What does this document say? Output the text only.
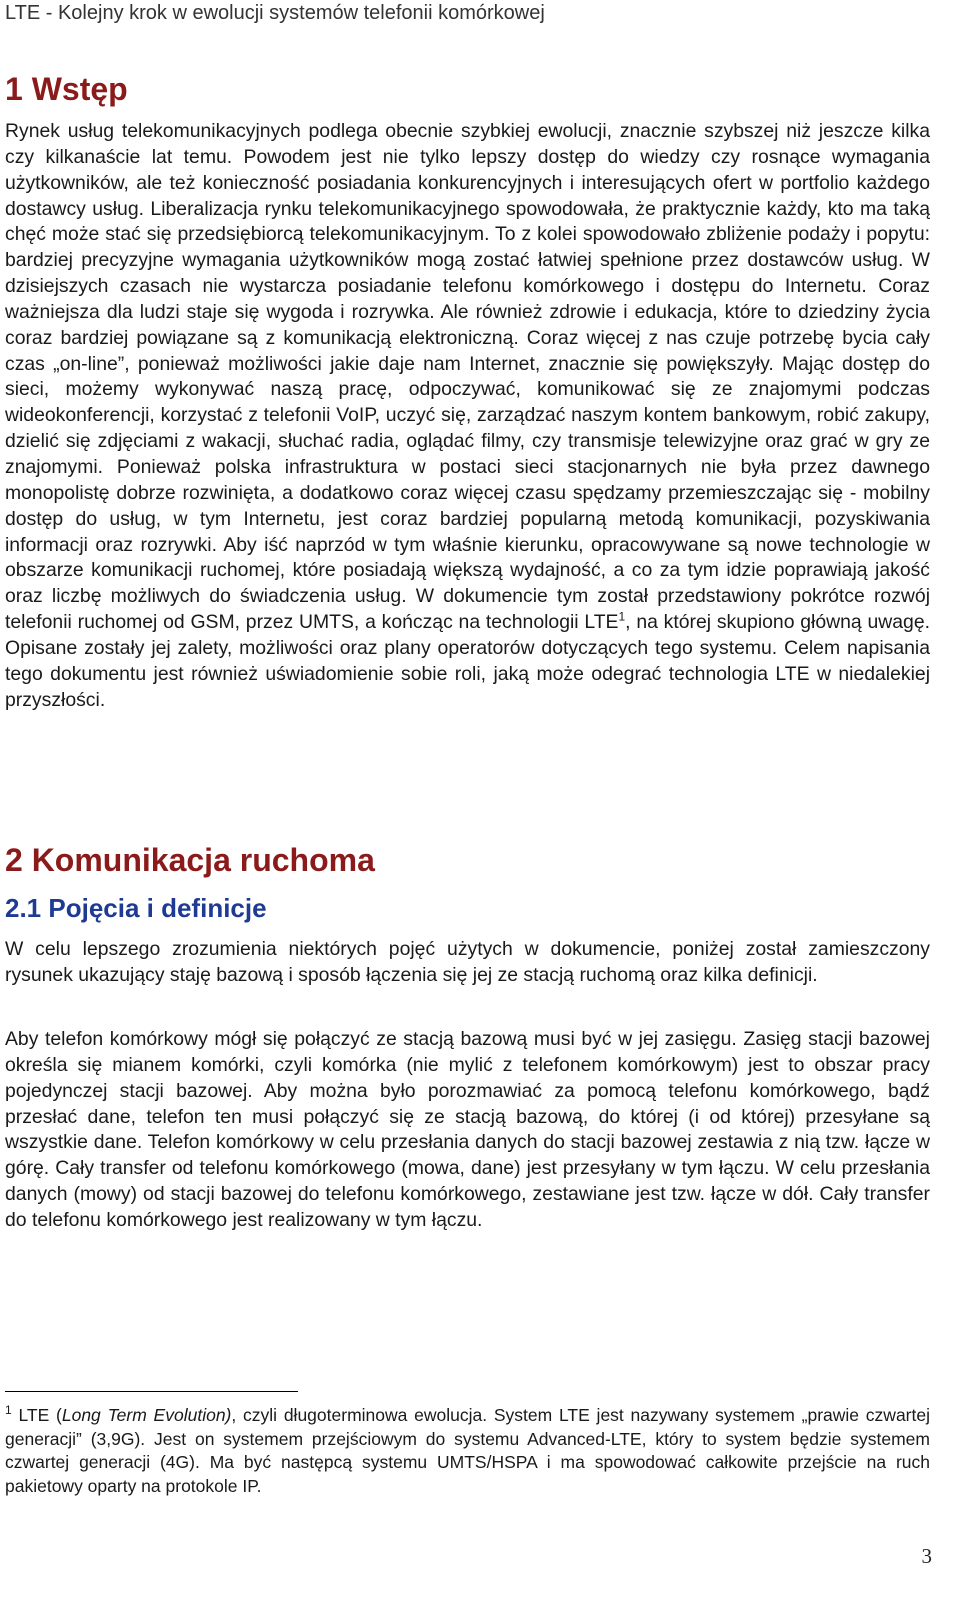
LTE - Kolejny krok w ewolucji systemów telefonii komórkowej
1 Wstęp

Rynek usług telekomunikacyjnych podlega obecnie szybkiej ewolucji, znacznie szybszej niż jeszcze kilka czy kilkanaście lat temu. Powodem jest nie tylko lepszy dostęp do wiedzy czy rosnące wymagania użytkowników, ale też konieczność posiadania konkurencyjnych i interesujących ofert w portfolio każdego dostawcy usług. Liberalizacja rynku telekomunikacyjnego spowodowała, że praktycznie każdy, kto ma taką chęć może stać się przedsiębiorcą telekomunikacyjnym. To z kolei spowodowało zbliżenie podaży i popytu: bardziej precyzyjne wymagania użytkowników mogą zostać łatwiej spełnione przez dostawców usług. W dzisiejszych czasach nie wystarcza posiadanie telefonu komórkowego i dostępu do Internetu. Coraz ważniejsza dla ludzi staje się wygoda i rozrywka. Ale również zdrowie i edukacja, które to dziedziny życia coraz bardziej powiązane są z komunikacją elektroniczną. Coraz więcej z nas czuje potrzebę bycia cały czas „on-line”, ponieważ możliwości jakie daje nam Internet, znacznie się powiększyły. Mając dostęp do sieci, możemy wykonywać naszą pracę, odpoczywać, komunikować się ze znajomymi podczas wideokonferencji, korzystać z telefonii VoIP, uczyć się, zarządzać naszym kontem bankowym, robić zakupy, dzielić się zdjęciami z wakacji, słuchać radia, oglądać filmy, czy transmisje telewizyjne oraz grać w gry ze znajomymi. Ponieważ polska infrastruktura w postaci sieci stacjonarnych nie była przez dawnego monopolistę dobrze rozwinięta, a dodatkowo coraz więcej czasu spędzamy przemieszczając się - mobilny dostęp do usług, w tym Internetu, jest coraz bardziej popularną metodą komunikacji, pozyskiwania informacji oraz rozrywki. Aby iść naprzód w tym właśnie kierunku, opracowywane są nowe technologie w obszarze komunikacji ruchomej, które posiadają większą wydajność, a co za tym idzie poprawiają jakość oraz liczbę możliwych do świadczenia usług. W dokumencie tym został przedstawiony pokrótce rozwój telefonii ruchomej od GSM, przez UMTS, a kończąc na technologii LTE$^1$, na której skupiono główną uwagę. Opisane zostały jej zalety, możliwości oraz plany operatorów dotyczących tego systemu. Celem napisania tego dokumentu jest również uświadomienie sobie roli, jaką może odegrać technologia LTE w niedalekiej przyszłości.

2 Komunikacja ruchoma
2.1 Pojęcia i definicje

W celu lepszego zrozumienia niektórych pojęć użytych w dokumencie, poniżej został zamieszczony rysunek ukazujący staję bazową i sposób łączenia się jej ze stacją ruchomą oraz kilka definicji.

Aby telefon komórkowy mógł się połączyć ze stacją bazową musi być w jej zasięgu. Zasięg stacji bazowej określa się mianem komórki, czyli komórka (nie mylić z telefonem komórkowym) jest to obszar pracy pojedynczej stacji bazowej. Aby można było porozmawiać za pomocą telefonu komórkowego, bądź przesłać dane, telefon ten musi połączyć się ze stacją bazową, do której (i od której) przesyłane są wszystkie dane. Telefon komórkowy w celu przesłania danych do stacji bazowej zestawia z nią tzw. łącze w górę. Cały transfer od telefonu komórkowego (mowa, dane) jest przesyłany w tym łączu. W celu przesłania danych (mowy) od stacji bazowej do telefonu komórkowego, zestawiane jest tzw. łącze w dół. Cały transfer do telefonu komórkowego jest realizowany w tym łączu.

$^1$ LTE (Long Term Evolution), czyli długoterminowa ewolucja. System LTE jest nazywany systemem „prawie czwartej generacji” (3,9G). Jest on systemem przejściowym do systemu Advanced-LTE, który to system będzie systemem czwartej generacji (4G). Ma być następcą systemu UMTS/HSPA i ma spowodować całkowite przejście na ruch pakietowy oparty na protokole IP.

3
